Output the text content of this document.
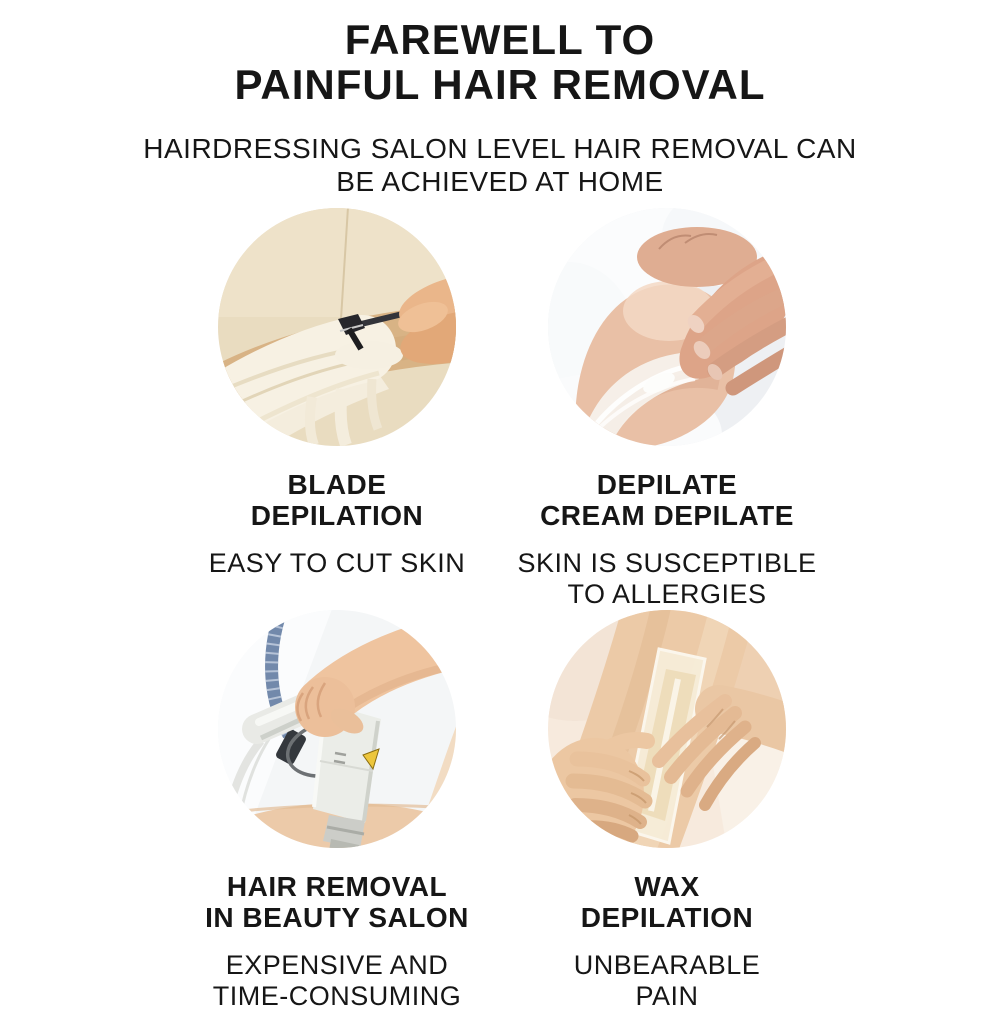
FAREWELL TO
PAINFUL HAIR REMOVAL
HAIRDRESSING SALON LEVEL HAIR REMOVAL CAN
BE ACHIEVED AT HOME
BLADE
DEPILATION
EASY TO CUT SKIN
DEPILATE
CREAM DEPILATE
SKIN IS SUSCEPTIBLE
TO ALLERGIES
HAIR REMOVAL
IN BEAUTY SALON
EXPENSIVE AND
TIME-CONSUMING
WAX
DEPILATION
UNBEARABLE
PAIN
